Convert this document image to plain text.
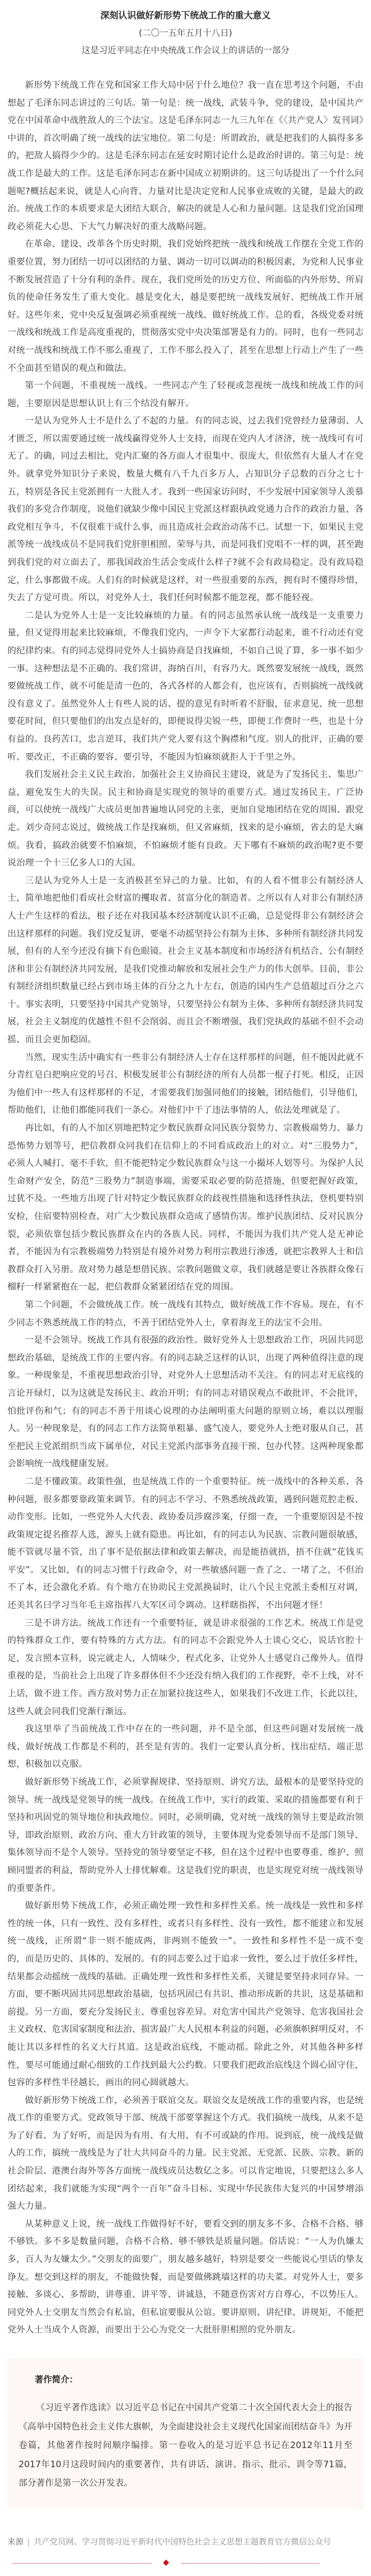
深刻认识做好新形势下统战工作的重大意义

(二〇一五年五月十八日)

这是习近平同志在中央统战工作会议上的讲话的一部分

新形势下统战工作在党和国家工作大局中居于什么地位？我一直在思考这个问题，不由想起了毛泽东同志讲过的三句话。第一句是：统一战线，武装斗争，党的建设，是中国共产党在中国革命中战胜敌人的三个法宝。这是毛泽东同志一九三九年在《〈共产党人〉发刊词》中讲的，首次明确了统一战线的法宝地位。第二句是：所谓政治，就是把我们的人搞得多多的，把敌人搞得少少的。这是毛泽东同志在延安时期讨论什么是政治时讲的。第三句是：统战工作是最大的工作。这是毛泽东同志在新中国成立初期讲的。这三句话提出了一个什么问题呢?概括起来说，就是人心向背、力量对比是决定党和人民事业成败的关键，是最大的政治。统战工作的本质要求是大团结大联合，解决的就是人心和力量问题。这是我们党治国理政必须花大心思、下大气力解决好的重大战略问题。

在革命、建设、改革各个历史时期，我们党始终把统一战线和统战工作摆在全党工作的重要位置，努力团结一切可以团结的力量、调动一切可以调动的积极因素，为党和人民事业不断发展营造了十分有利的条件。现在，我们党所处的历史方位、所面临的内外形势、所肩负的使命任务发生了重大变化。越是变化大，越是要把统一战线发展好、把统战工作开展好。这些年来，党中央反复强调必须重视统一战线、做好统战工作。总的看，各级党委对统一战线和统战工作是高度重视的，贯彻落实党中央决策部署是有力的。同时，也有一些同志对统一战线和统战工作不那么重视了，工作不那么投入了，甚至在思想上行动上产生了一些不全面甚至错误的观点和做法。

第一个问题，不重视统一战线。一些同志产生了轻视或忽视统一战线和统战工作的问题，主要原因是思想认识上有三个结没有解开。

一是认为党外人士不是什么了不起的力量。有的同志说，过去我们党曾经力量薄弱、人才匮乏，所以需要通过统一战线赢得党外人士支持，而现在党内人才济济，统一战线可有可无了。的确，同过去相比，党内汇聚的各方面人才很集中、很庞大，但依然有大量人才在党外。就拿党外知识分子来说，数量大概有八千九百多万人，占知识分子总数的百分之七十五，特别是各民主党派拥有一大批人才。我到一些国家访问时，不少发展中国家领导人羡慕我们的多党合作制度，说他们就缺少像中国民主党派这样跟执政党通力合作的政治力量，各政党相互争斗，不仅很难干成什么事，而且造成社会政治动荡不已。试想一下，如果民主党派等统一战线成员不是同我们党肝胆相照、荣辱与共，而是同我们党唱不一样的调，甚至跑到我们党的对立面去了，那我国政治生活会变成什么样子?就不会有政局稳定。没有政局稳定，什么事都做不成。人们有的时候就是这样，对一些很重要的东西，拥有时不懂得珍惜，失去了方觉可贵。所以，对党外人士，我们任何时候都不能忽视，都不能轻视。

二是认为党外人士是一支比较麻烦的力量。有的同志虽然承认统一战线是一支重要力量，但又觉得用起来比较麻烦，不像我们党内，一声令下大家都行动起来，谁不行动还有党的纪律约束。有的同志觉得同党外人士搞协商是自找麻烦，不如自己说了算，多一事不如少一事。这种想法是不正确的。我们常讲，海纳百川，有容乃大。既然要发展统一战线，既然要做统战工作，就不可能是清一色的，各式各样的人都会有，也应该有，否则搞统一战线就没有意义了。虽然党外人士有些人说的话、提的意见有时听着不舒服，征求意见、统一思想要花时间，但只要他们的出发点是好的，即便说得尖锐一些，即便工作费时一些，也是十分有益的。良药苦口，忠言逆耳，我们共产党人要有这个胸襟和气度。别人的批评，正确的要听、要改正，不正确的要容、要引导，不能因为怕麻烦就拒人于千里之外。

我们发展社会主义民主政治、加强社会主义协商民主建设，就是为了发扬民主、集思广益，避免发生大的失误。民主和协商是实现党的领导的重要方式。通过发扬民主、广泛协商，可以使统一战线广大成员更加普遍地认同党的主张，更加自觉地团结在党的周围、跟党走。刘少奇同志说过，做统战工作是找麻烦，但又省麻烦，找来的是小麻烦，省去的是大麻烦。我看，搞政治就要不怕麻烦，不怕麻烦才能有良政。天下哪有不麻烦的政治呢?更不要说治理一个十三亿多人口的大国。

三是认为党外人士是一支消极甚至异己的力量。比如，有的人看不惯非公有制经济人士，简单地把他们看成社会财富的攫取者、贫富分化的制造者。之所以有人对非公有制经济人士产生这样的看法，根子还在对我国基本经济制度认识不正确，总是觉得非公有制经济会出这样那样的问题。我们党反复讲，要毫不动摇坚持公有制为主体、多种所有制经济共同发展，但有的人至今还没有摘下有色眼镜。社会主义基本制度和市场经济有机结合、公有制经济和非公有制经济共同发展，是我们党推动解放和发展社会生产力的伟大创举。目前，非公有制经济组织数量已经占到市场主体的百分之九十左右，创造的国内生产总值超过百分之六十。事实表明，只要坚持中国共产党领导，只要坚持公有制为主体、多种所有制经济共同发展，社会主义制度的优越性不但不会削弱、而且会不断增强，我们党执政的基础不但不会动摇、而且会更加稳固。

当然，现实生活中确实有一些非公有制经济人士存在这样那样的问题，但不能因此就不分青红皂白把响应党的号召、积极发展非公有制经济的所有人员都一棍子打死。相反，正因为他们中一些人有这样那样的不足，才需要我们加强同他们的接触，团结他们，引导他们，帮助他们，让他们都能同我们一条心。对他们中干了违法事情的人，依法处理就是了。

再比如，有的人不加区别地把特定少数民族群众同民族分裂势力、宗教极端势力、暴力恐怖势力划等号，把信教群众同我们在信仰上的不同看成政治上的对立。对“三股势力”，必须人人喊打、毫不手软，但不能把特定少数民族群众与这一小撮坏人划等号。为保护人民生命财产安全，防范“三股势力”制造事端，需要采取必要的防范措施，但要把握好政策，过犹不及。一些地方出现了针对特定少数民族群众的歧视性措施和选择性执法，登机要特别安检，住宿要特别检查，对广大少数民族群众造成了感情伤害。维护民族团结、反对民族分裂，必须依靠包括少数民族群众在内的各族人民。同样，不能因为我们共产党人是无神论者，不能因为有宗教极端势力特别是有境外对势力利用宗教进行渗透，就把宗教界人士和信教群众打入另册。敌对势力越是想借民族、宗教问题做文章，我们就越是要让各族群众像石榴籽一样紧紧抱在一起，把信教群众紧紧团结在党的周围。

第二个问题，不会做统战工作。统一战线有其特点，做好统战工作不容易。现在，有不少同志不熟悉统战工作的特点，不善于团结党外人士，拿着海龙王的法宝不会用。

一是不会领导。统战工作具有很强的政治性。做好党外人士思想政治工作，巩固共同思想政治基础，是统战工作的主要内容。有的同志缺乏这样的认识，出现了两种值得注意的现象。一种现象是，不重视思想政治引导，对党外人士思想活动不关注。有的同志对无底线的言论开绿灯，以为这就是发扬民主、政治开明；有的同志对错误观点不敢批评、不会批评，怕批评伤和气；有的同志不善于用谈心说理的办法阐明重大问题的原则立场，难以以理服人。另一种现象是，有的同志工作方法简单粗暴、盛气凌人，要党外人士绝对服从自己，甚至把民主党派组织当成下属单位，对民主党派内部事务直接干预、包办代替。这两种现象都会影响统一战线健康发展。

二是不懂政策。政策性强，也是统战工作的一个重要特征。统一战线中的各种关系、各种问题，很多都要靠政策来调节。有的同志不学习、不熟悉统战政策，遇到问题荒腔走板、动作变形。比如，一些党外人大代表、政协委员涉腐涉案，仔细一查，一个重要原因是不按政策规定提名推荐人选，源头上就有隐患。再比如，有的同志认为民族、宗教问题很敏感，能不管就尽量不管，出了事不是依据法律和政策去解决，而是能捂就捂，捂不住就“花钱买平安”。又比如，有的同志习惯于行政命令，对一些敏感问题一查了之、一堵了之，不但治不了本，还会激化矛盾。有个地方在协助民主党派换届时，让八个民主党派主委相互对调，还美其名曰学习当年毛主席指挥八大军区司令调动。这样瞎指挥，不出问题才怪！

三是不讲方法。统战工作还有一个重要特征，就是讲求很强的工作艺术。统战工作是党的特殊群众工作，要有特殊的方式方法。有的同志不会跟党外人士谈心交心，说话官腔十足，发言照本宣科，说完就走人，人情味少，程式化多，让党外人士感觉自己像外人。值得重视的是，当前社会上出现了许多群体但不少还没有纳入我们的工作视野，牵不上线，对不上话，做不进工作。西方敌对势力正在加紧拉拢这些人，如果我们不改进工作，长此以往，这些人就会同我们党渐行渐远。

我这里举了当前统战工作中存在的一些问题，并不是全部，但这些问题对发展统一战线、做好统战工作都是不利的，甚至是有害的。我们一定要认真分析、找出症结、端正思想，积极加以克服。

做好新形势下统战工作，必须掌握规律、坚持原则、讲究方法，最根本的是要坚持党的领导。统一战线是党领导的统一战线。在统战工作中，实行的政策、采取的措施都要有利于坚持和巩固党的领导地位和执政地位。同时，必须明确，党对统一战线的领导主要是政治领导，即政治原则、政治方向、重大方针政策的领导，主要体现为党委领导而不是部门领导、集体领导而不是个人领导。坚持党的领导要坚定不移，但在这个过程中也要尊重、维护、照顾同盟者的利益，帮助党外人士排忧解难。这是我们党的职责，也是实现党对统一战线领导的重要条件。

做好新形势下统战工作，必须正确处理一致性和多样性关系。统一战线是一致性和多样性的统一体，只有一致性、没有多样性，或者只有多样性、没有一致性，都不能建立和发展统一战线，正所谓“非一则不能成两，非两则不能致一”。一致性和多样性不是一成不变的，而是历史的、具体的、发展的。有的同志要么过于追求一致性，要么过于放任多样性，结果都会动摇统一战线的基础。正确处理一致性和多样性关系，关键是要坚持求同存异。一方面，要不断巩固共同思想政治基础，包括巩固已有共识、推动形成新的共识，这是基础和前提。另一方面，要充分发扬民主、尊重包容差异。对危害中国共产党领导、危害我国社会主义政权、危害国家制度和法治、损害最广大人民根本利益的问题，必须旗帜鲜明反对，不能让其以多样性的名义大行其道。这是政治底线，不能动摇。除此之外，对其他各种多样性，要尽可能通过耐心细致的工作找到最大公约数。只要我们把政治底线这个圆心固守住，包容的多样性半径越长，画出的同心圆就越大。

做好新形势下统战工作，必须善于联谊交友。联谊交友是统战工作的重要内容，也是统战工作的重要方式。党政领导干部、统战干部要掌握这个方式。我们搞统一战线，从来不是为了好看、为了好听，而是因为有用、有大用、有不可或缺的作用。说到底，统一战线是做人的工作，搞统一战线是为了壮大共同奋斗的力量。民主党派、无党派、民族、宗教、新的社会阶层、港澳台海外等各方面统一战线成员达数亿之多。可以肯定地说，只要把这么多人团结起来，我们就能为实现“两个一百年”奋斗目标、实现中华民族伟大复兴的中国梦增添强大力量。

从某种意义上说，统一战线工作做得好不好，要看交到的朋友多不多、合格不合格、够不够铁。多不多是数量问题，合格不合格、够不够铁是质量问题。俗话说：“一人为仇嫌太多，百人为友嫌太少。”交朋友的面要广，朋友越多越好，特别是要交一些能说心里话的挚友诤友。想交到这样的朋友，不能做快餐，而是要做佛跳墙这样的功夫菜。对党外人士，要多接触、多谈心、多帮助，讲尊重、讲平等、讲诚恳，不随意伤害对方自尊心，不以势压人。同党外人士交朋友当然会有私谊，但私谊要服从公谊。要讲原则、讲纪律、讲规矩，不能把党外人士当成个人资源，而要出于公心为党交一大批肝胆相照的党外朋友。

著作简介：

《习近平著作选读》以习近平总书记在中国共产党第二十次全国代表大会上的报告《高举中国特色社会主义伟大旗帜，为全面建设社会主义现代化国家而团结奋斗》为开卷篇，其他著作按时间顺序编排。第一卷收入的是习近平总书记在2012年11月至2017年10月这段时间内的重要著作，共有讲话、演讲、指示、批示、训令等71篇，部分著作是第一次公开发表。

来源 | 共产党员网、学习贯彻习近平新时代中国特色社会主义思想主题教育官方微信公众号
